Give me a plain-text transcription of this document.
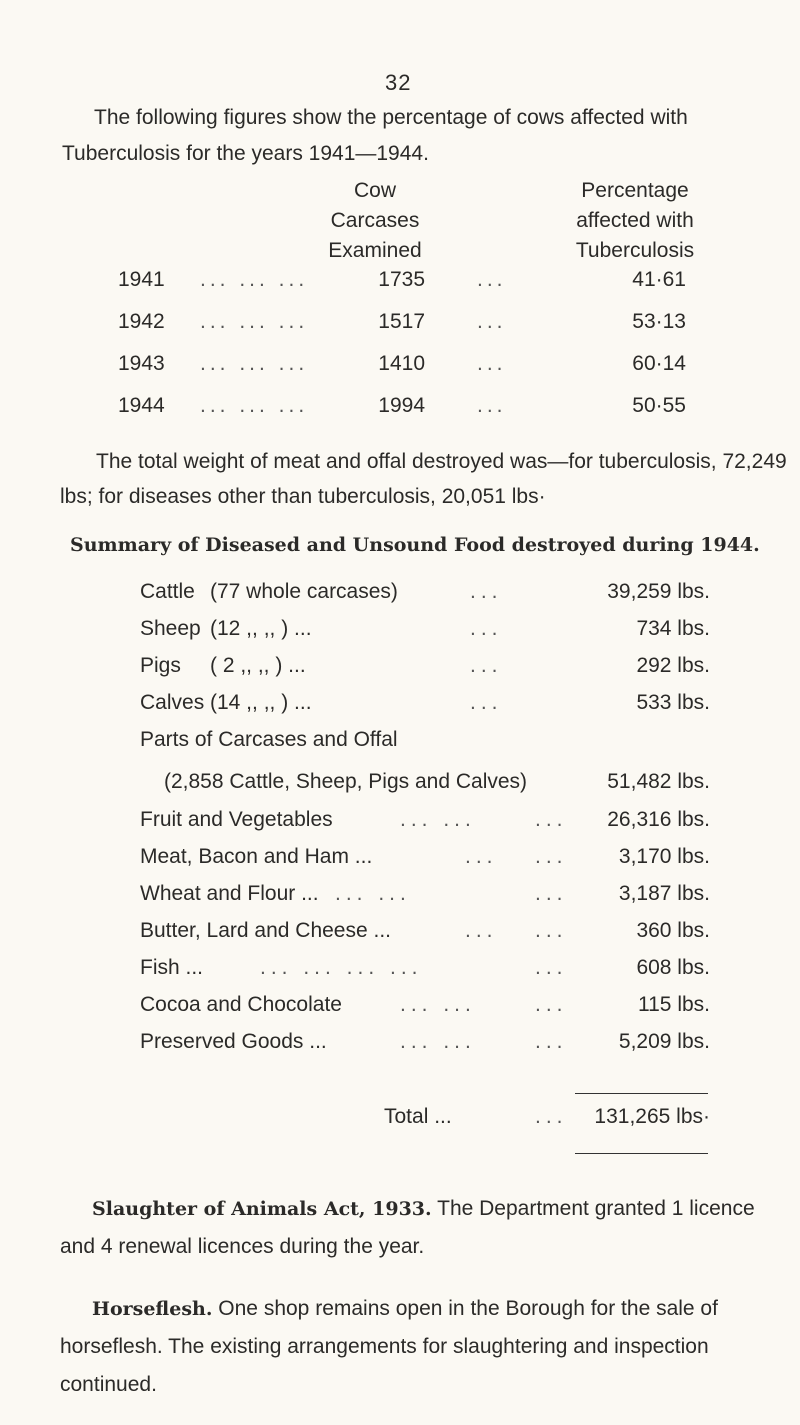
32
The following figures show the percentage of cows affected with Tuberculosis for the years 1941—1944.
Cow
Carcases
Examined
Percentage
affected with
Tuberculosis
1941 ... ... ...	1735 ...	41·61
1942 ... ... ...	1517 ...	53·13
1943 ... ... ...	1410 ...	60·14
1944 ... ... ...	1994 ...	50·55
The total weight of meat and offal destroyed was—for tuberculosis, 72,249 lbs; for diseases other than tuberculosis, 20,051 lbs·
Summary of Diseased and Unsound Food destroyed during 1944.
Cattle (77 whole carcases)	...	39,259 lbs.
Sheep (12 ,, ,, ) ...	...	734 lbs.
Pigs ( 2 ,, ,, ) ...	...	292 lbs.
Calves (14 ,, ,, ) ...	...	533 lbs.
Parts of Carcases and Offal
(2,858 Cattle, Sheep, Pigs and Calves)	51,482 lbs.
Fruit and Vegetables	... ...	...	26,316 lbs.
Meat, Bacon and Ham ...	... ...	3,170 lbs.
Wheat and Flour ... ... ...	...	3,187 lbs.
Butter, Lard and Cheese ...	... ...	360 lbs.
Fish ...	... ... ... ...	...	608 lbs.
Cocoa and Chocolate	... ...	...	115 lbs.
Preserved Goods ...	... ...	...	5,209 lbs.
Total ...	...	131,265 lbs·
Slaughter of Animals Act, 1933. The Department granted 1 licence and 4 renewal licences during the year.
Horseflesh. One shop remains open in the Borough for the sale of horseflesh. The existing arrangements for slaughtering and inspection continued.
